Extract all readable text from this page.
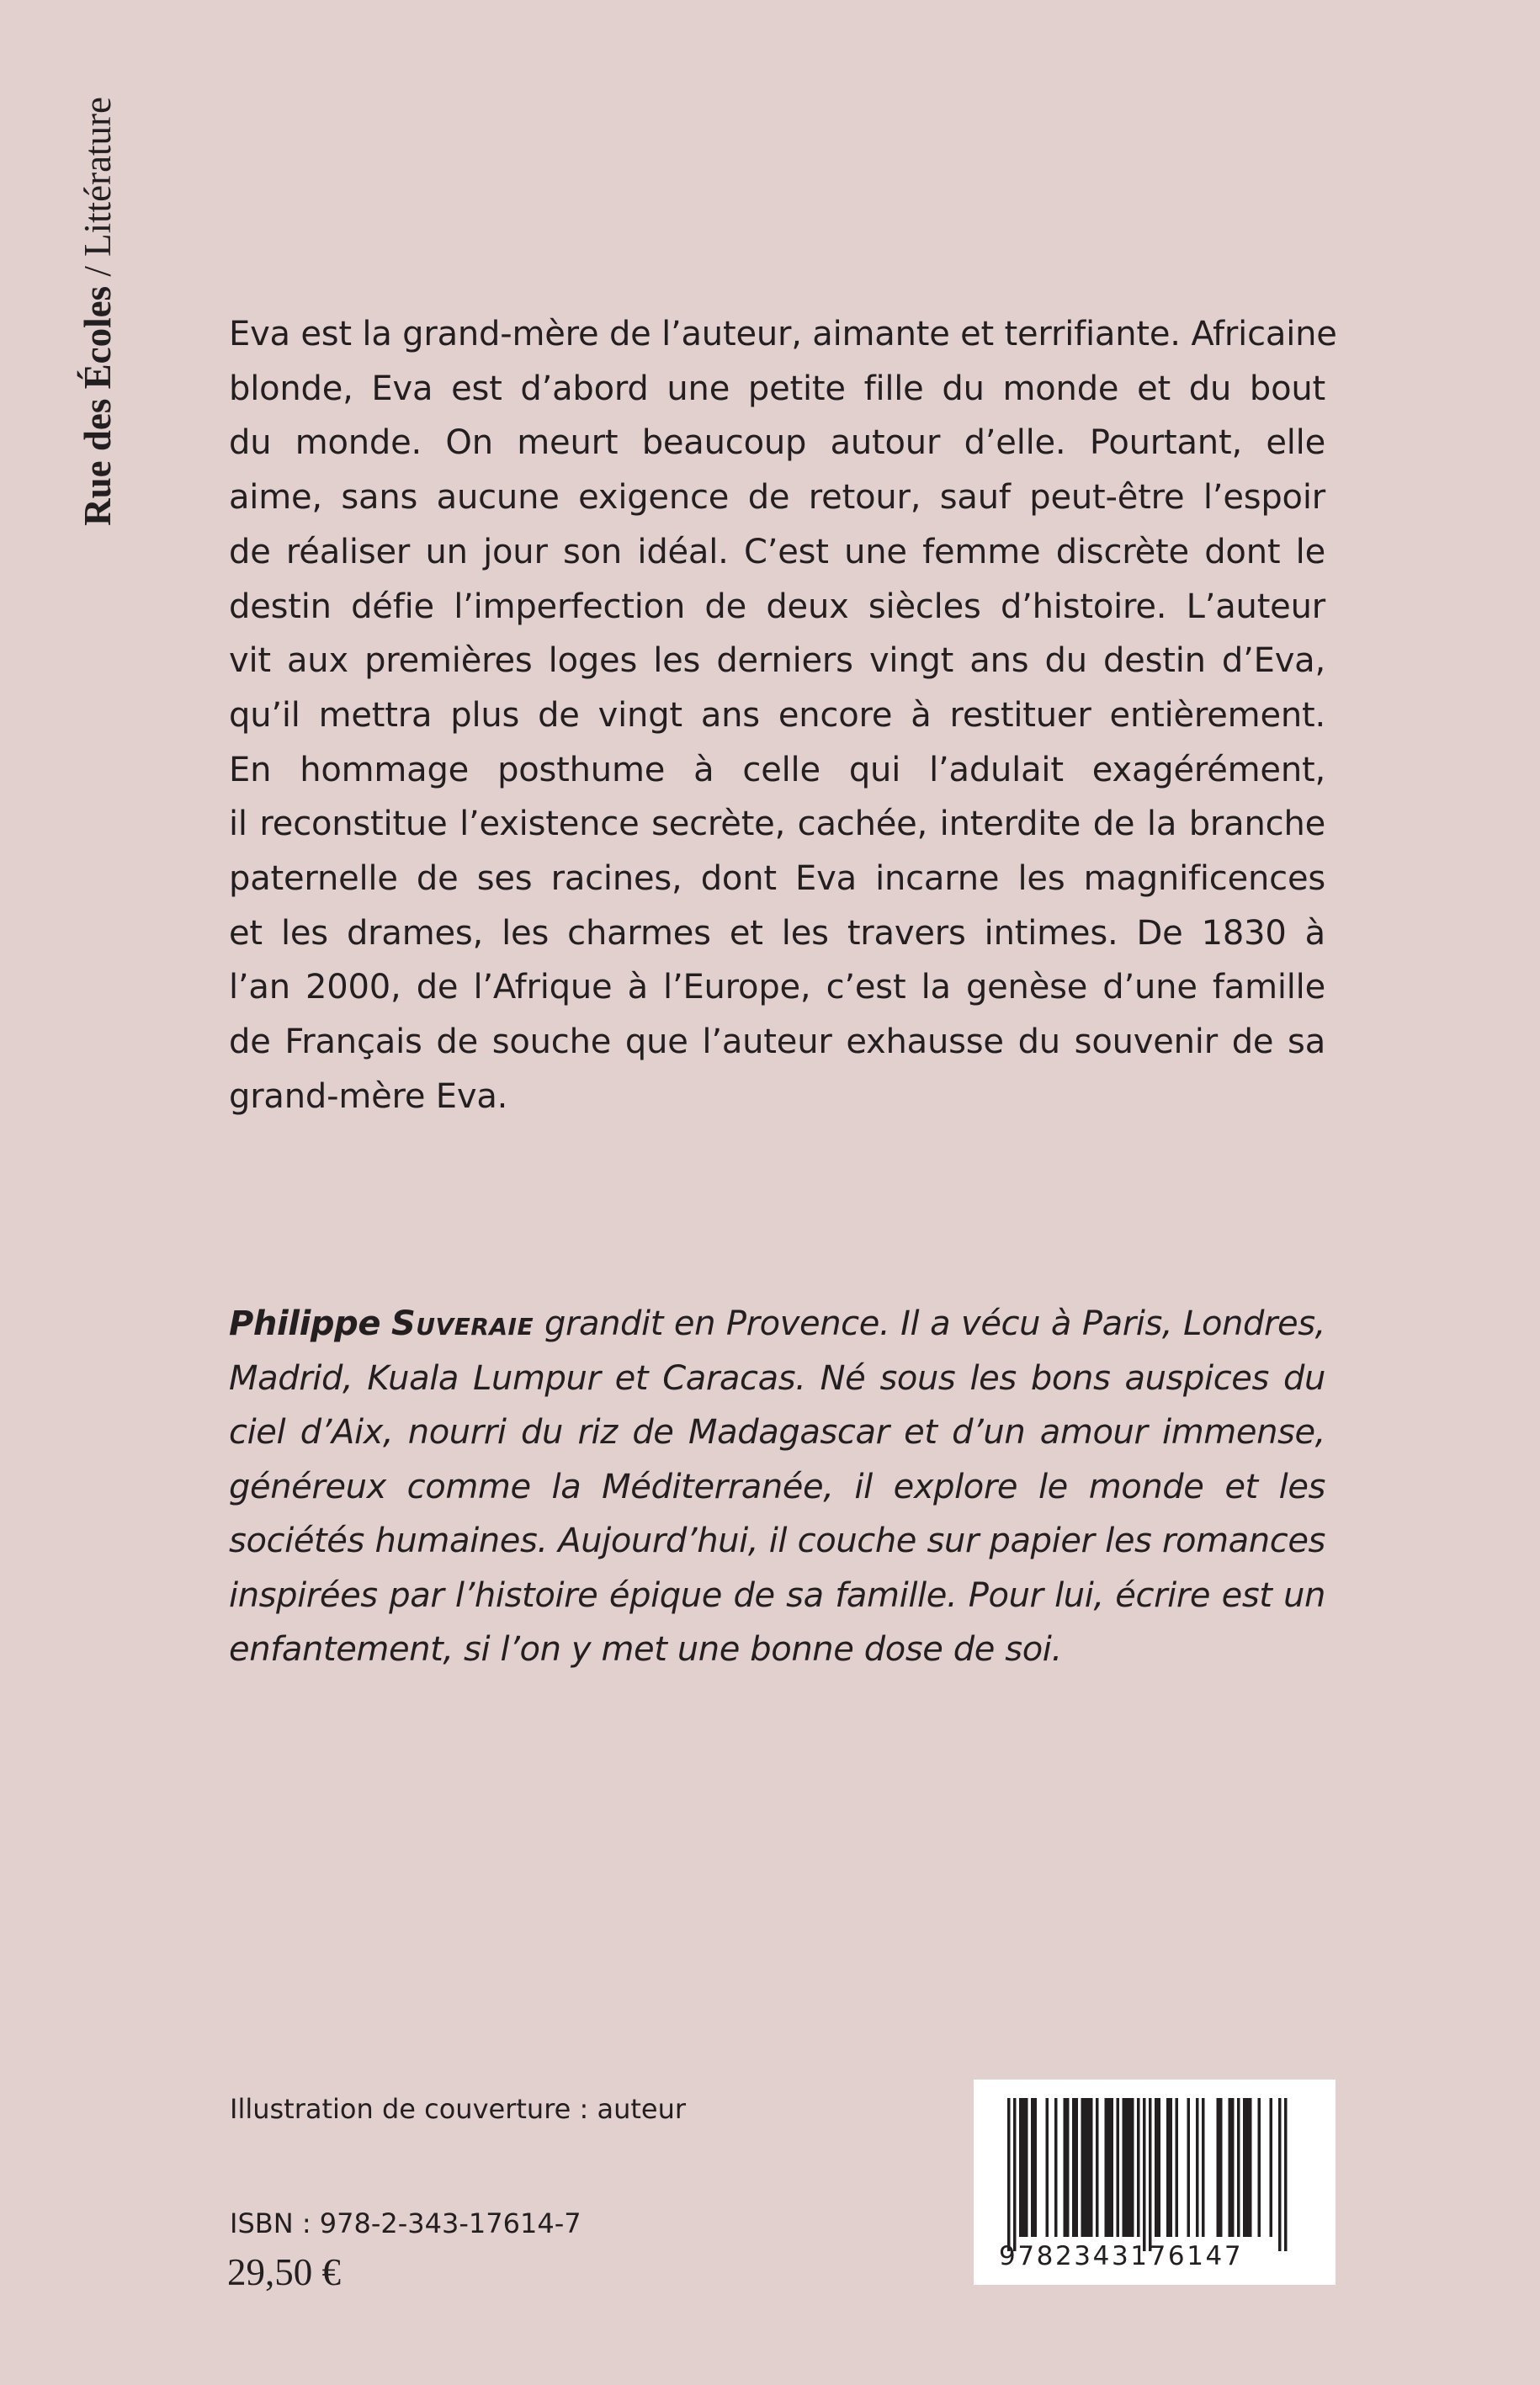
Rue des Écoles / Littérature
Eva est la grand-mère de l’auteur, aimante et terrifiante. Africaine
blonde, Eva est d’abord une petite fille du monde et du bout
du monde. On meurt beaucoup autour d’elle. Pourtant, elle
aime, sans aucune exigence de retour, sauf peut-être l’espoir
de réaliser un jour son idéal. C’est une femme discrète dont le
destin défie l’imperfection de deux siècles d’histoire. L’auteur
vit aux premières loges les derniers vingt ans du destin d’Eva,
qu’il mettra plus de vingt ans encore à restituer entièrement.
En hommage posthume à celle qui l’adulait exagérément,
il reconstitue l’existence secrète, cachée, interdite de la branche
paternelle de ses racines, dont Eva incarne les magnificences
et les drames, les charmes et les travers intimes. De 1830 à
l’an 2000, de l’Afrique à l’Europe, c’est la genèse d’une famille
de Français de souche que l’auteur exhausse du souvenir de sa
grand-mère Eva.
Philippe Suveraie grandit en Provence. Il a vécu à Paris, Londres,
Madrid, Kuala Lumpur et Caracas. Né sous les bons auspices du
ciel d’Aix, nourri du riz de Madagascar et d’un amour immense,
généreux comme la Méditerranée, il explore le monde et les
sociétés humaines. Aujourd’hui, il couche sur papier les romances
inspirées par l’histoire épique de sa famille. Pour lui, écrire est un
enfantement, si l’on y met une bonne dose de soi.
Illustration de couverture : auteur
ISBN : 978-2-343-17614-7
29,50 €	9782343176147
